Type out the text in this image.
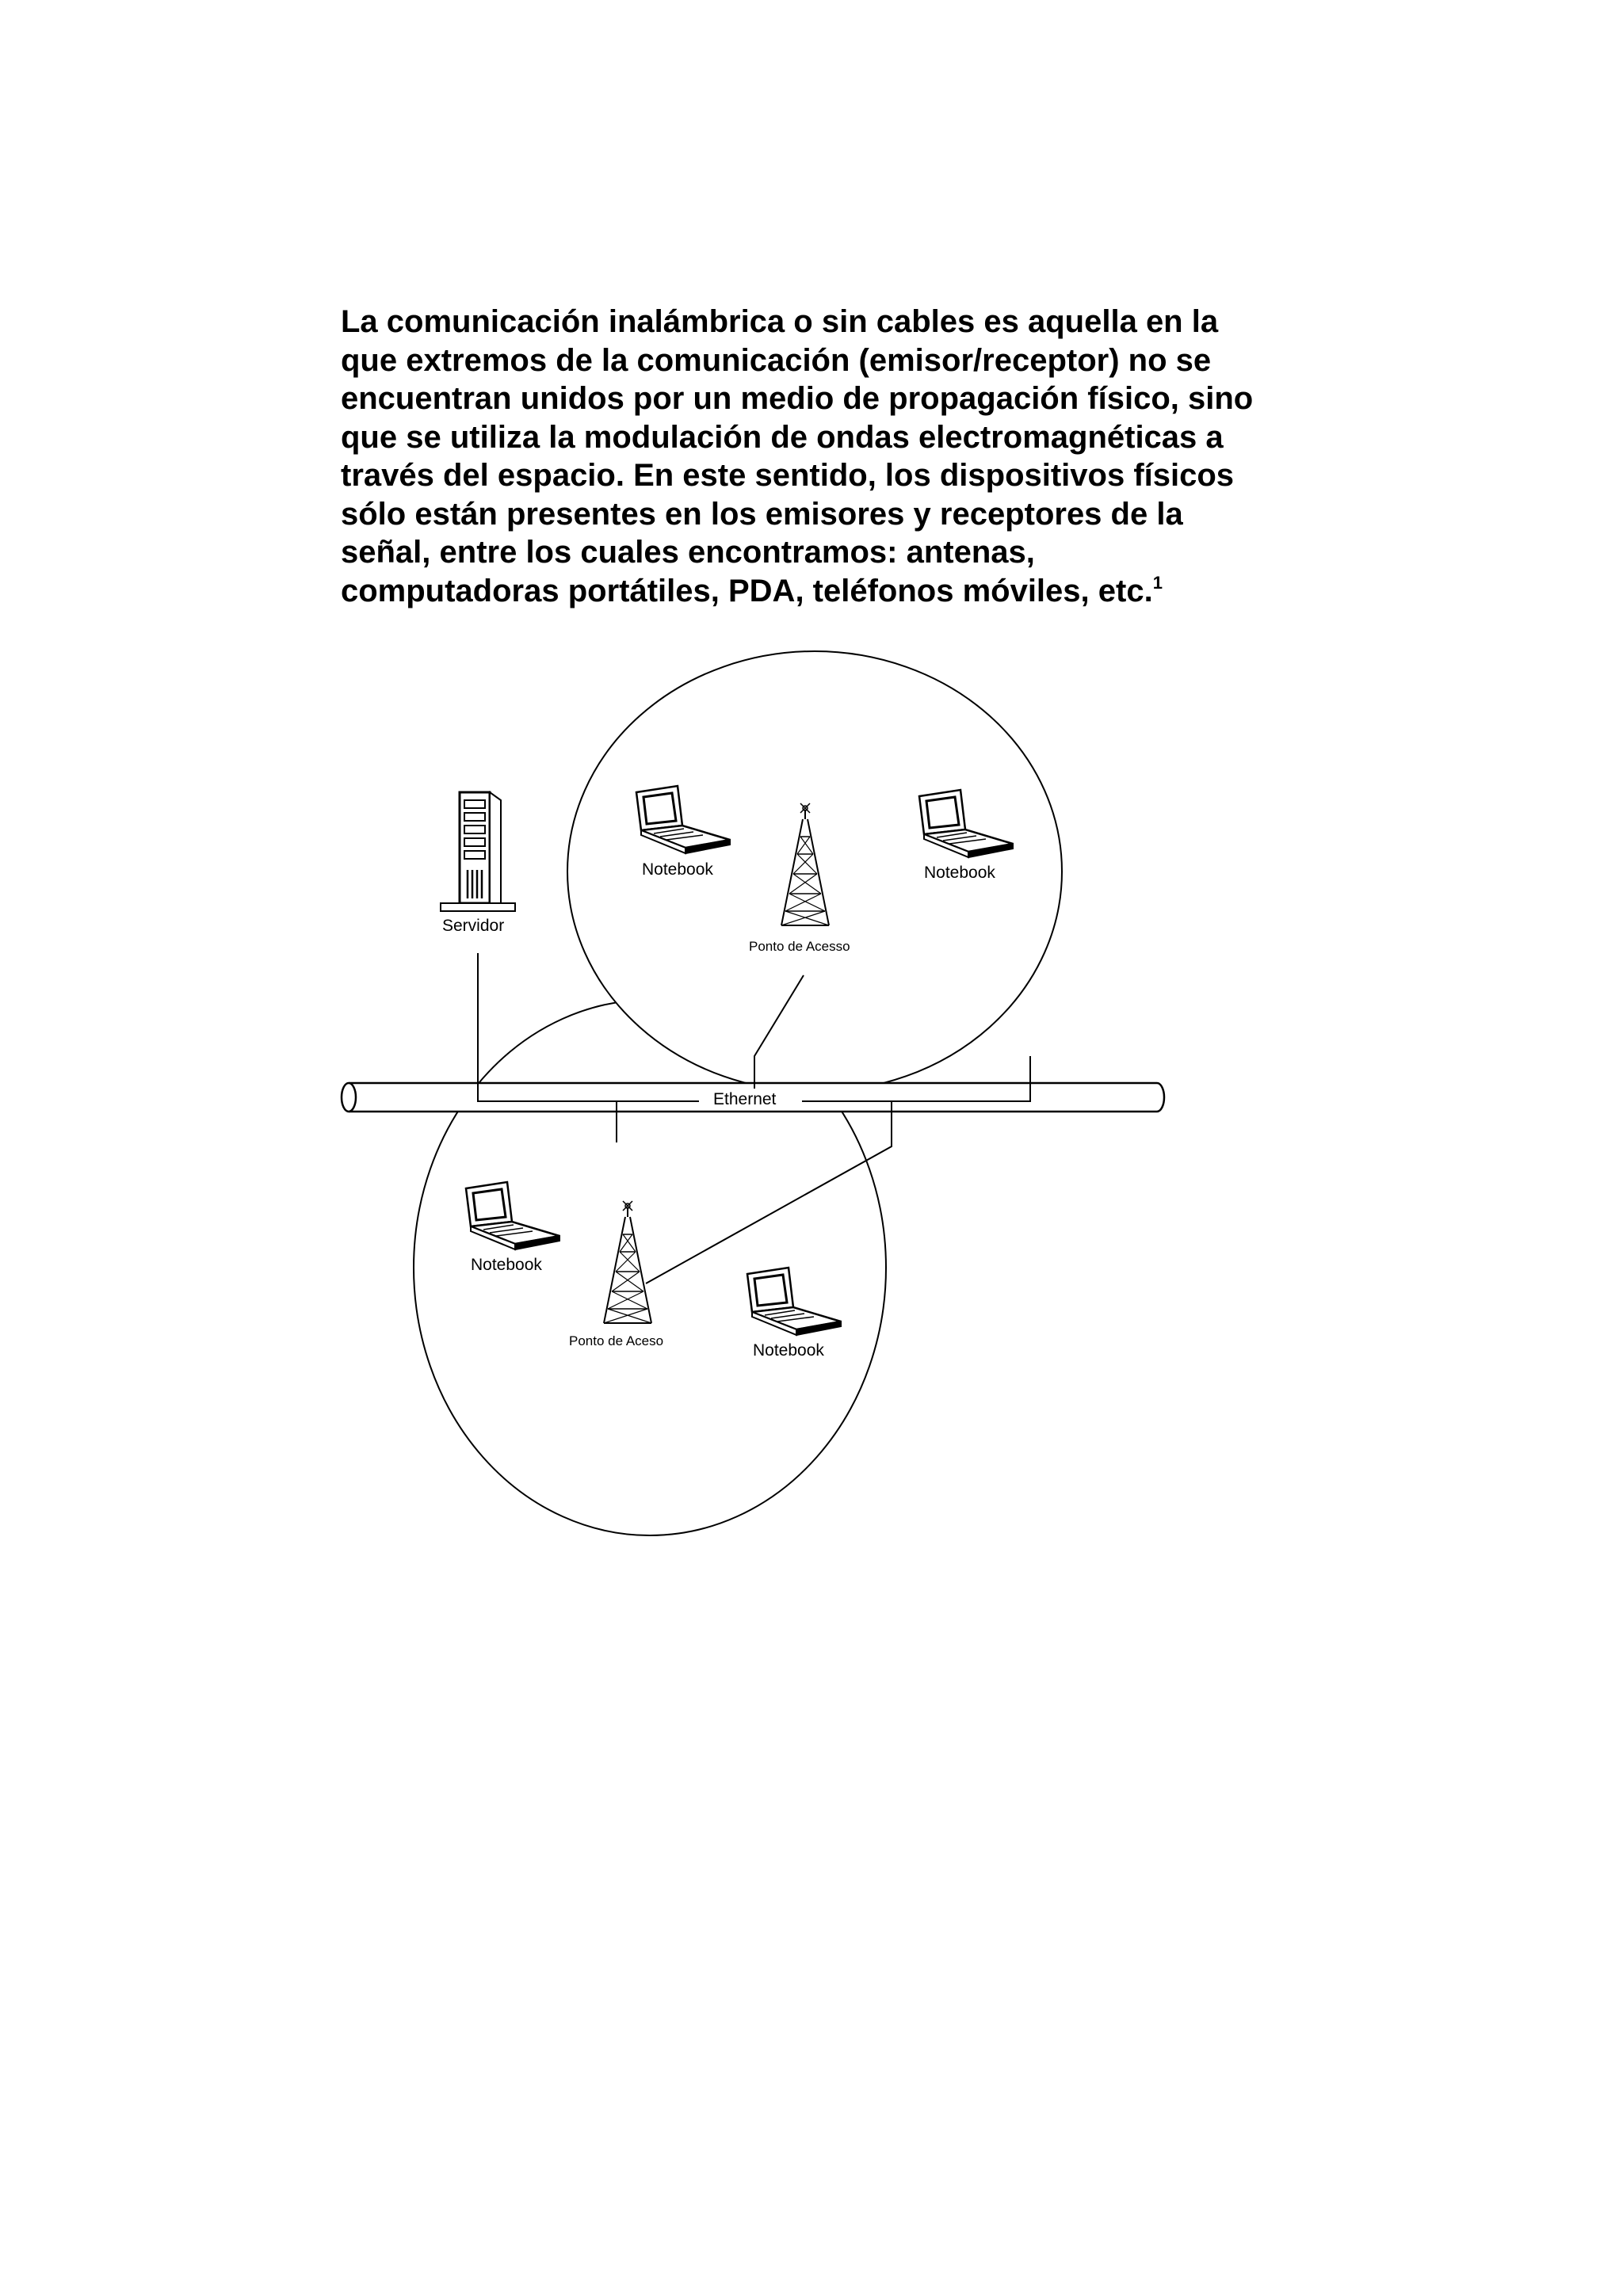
La comunicación inalámbrica o sin cables es aquella en la
que extremos de la comunicación (emisor/receptor) no se
encuentran unidos por un medio de propagación físico, sino
que se utiliza la modulación de ondas electromagnéticas a
través del espacio. En este sentido, los dispositivos físicos
sólo están presentes en los emisores y receptores de la
señal, entre los cuales encontramos: antenas,
computadoras portátiles, PDA, teléfonos móviles, etc.$^1$

Servidor
Notebook	Notebook
Ponto de Acesso
Ethernet
Notebook
Ponto de Aceso
Notebook
